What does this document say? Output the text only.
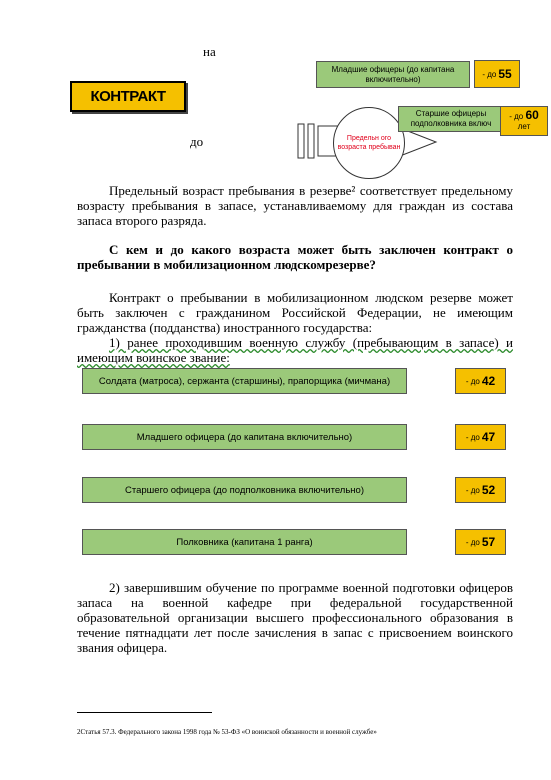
на
до
КОНТРАКТ
Предельн ого возраста пребыван
Младшие офицеры (до капитана включительно)
- до 55
Старшие офицеры подполковника включ
- до 60
лет
Предельный возраст пребывания в резерве² соответствует предельному возрасту пребывания в запасе, устанавливаемому для граждан из состава запаса второго разряда.
С кем и до какого возраста может быть заключен контракт о пребывании в мобилизационном людскомрезерве?
Контракт о пребывании в мобилизационном людском резерве может быть заключен с гражданином Российской Федерации, не имеющим гражданства (подданства) иностранного государства:
1) ранее проходившим военную службу (пребывающим в запасе) и имеющим воинское звание:
Солдата (матроса), сержанта (старшины), прапорщика (мичмана)	- до 42
Младшего офицера (до капитана включительно)	- до 47
Старшего офицера (до подполковника включительно)	- до 52
Полковника (капитана 1 ранга)	- до 57
2) завершившим обучение по программе военной подготовки офицеров запаса на военной кафедре при федеральной государственной образовательной организации высшего профессионального образования в течение пятнадцати лет после зачисления в запас с присвоением воинского звания офицера.
2Статья 57.3. Федерального закона 1998 года № 53-ФЗ «О воинской обязанности и военной службе»
